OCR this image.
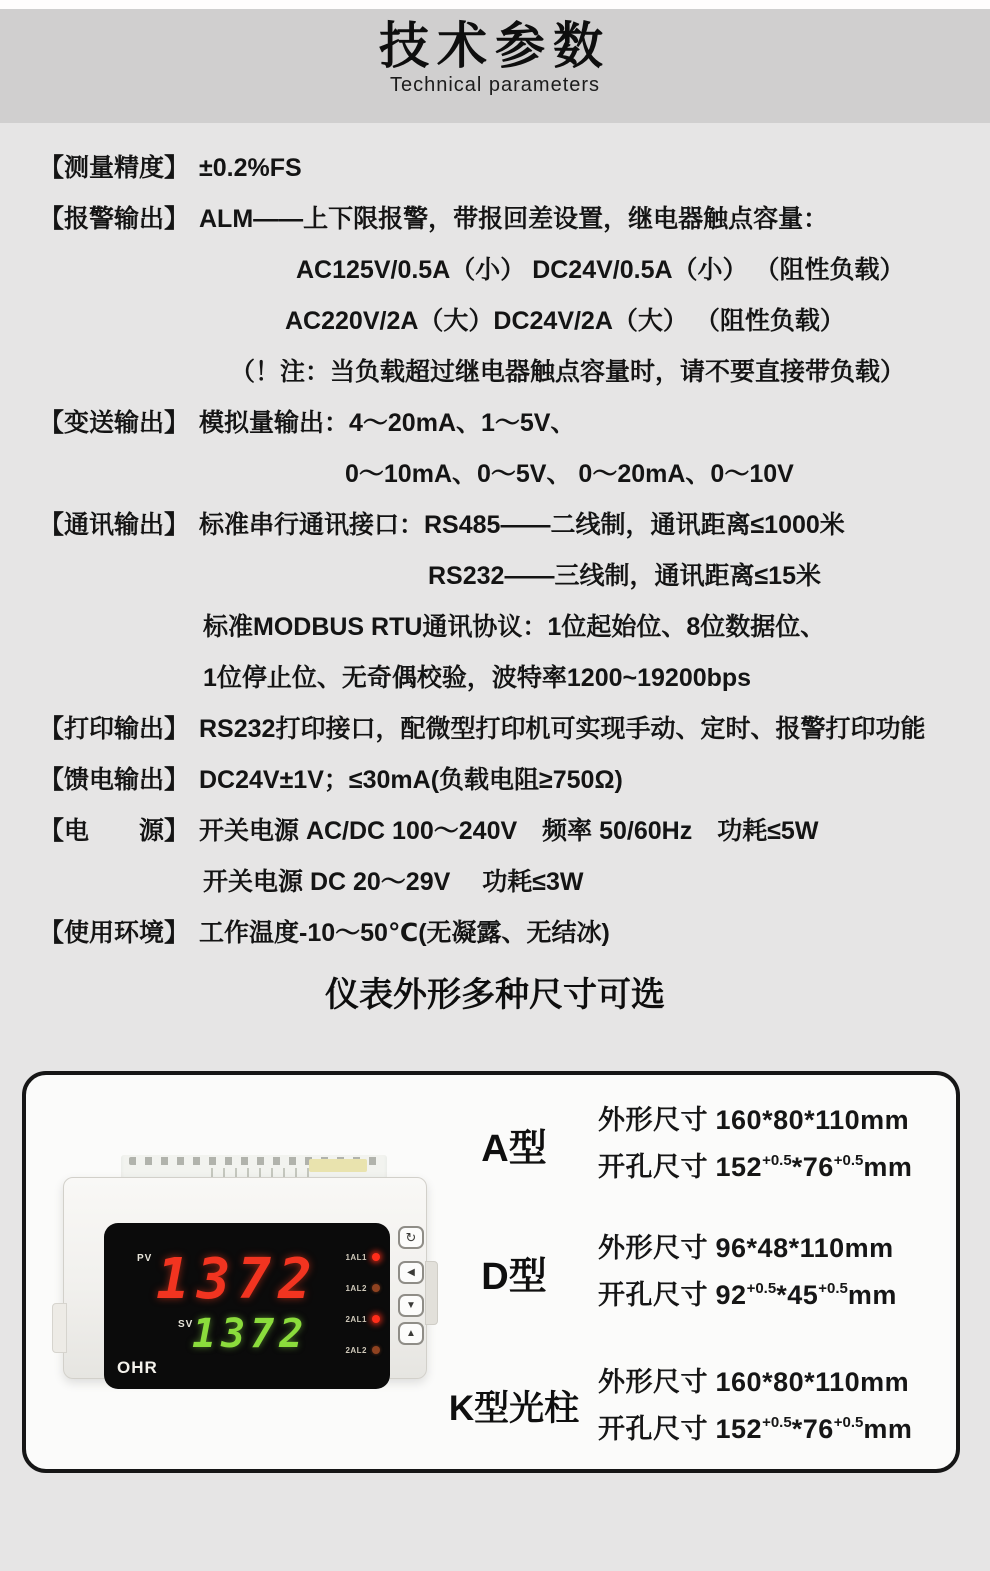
技术参数
Technical parameters
【测量精度】 ±0.2%FS
【报警输出】 ALM——上下限报警，带报回差设置，继电器触点容量：
AC125V/0.5A（小） DC24V/0.5A（小） （阻性负载）
AC220V/2A（大）DC24V/2A（大） （阻性负载）
（！注：当负载超过继电器触点容量时，请不要直接带负载）
【变送输出】 模拟量输出：4～20mA、1～5V、
0～10mA、0～5V、 0～20mA、0～10V
【通讯输出】 标准串行通讯接口：RS485——二线制，通讯距离≤1000米
RS232——三线制，通讯距离≤15米
标准MODBUS RTU通讯协议：1位起始位、8位数据位、
1位停止位、无奇偶校验，波特率1200~19200bps
【打印输出】 RS232打印接口，配微型打印机可实现手动、定时、报警打印功能
【馈电输出】 DC24V±1V；≤30mA(负载电阻≥750Ω)
【电　　源】 开关电源 AC/DC 100～240V　频率 50/60Hz　功耗≤5W
开关电源 DC 20～29V　 功耗≤3W
【使用环境】 工作温度-10～50℃(无凝露、无结冰)
仪表外形多种尺寸可选
PV 1372
SV
1372
OHR
1AL1
1AL2
2AL1
2AL2
↻
◀
▼
▲
A型
外形尺寸 160*80*110mm
开孔尺寸 $152^{+0.5}*76^{+0.5}mm$
D型
外形尺寸 96*48*110mm
开孔尺寸 $92^{+0.5}*45^{+0.5}mm$
K型光柱
外形尺寸 160*80*110mm
开孔尺寸 $152^{+0.5}*76^{+0.5}mm$
